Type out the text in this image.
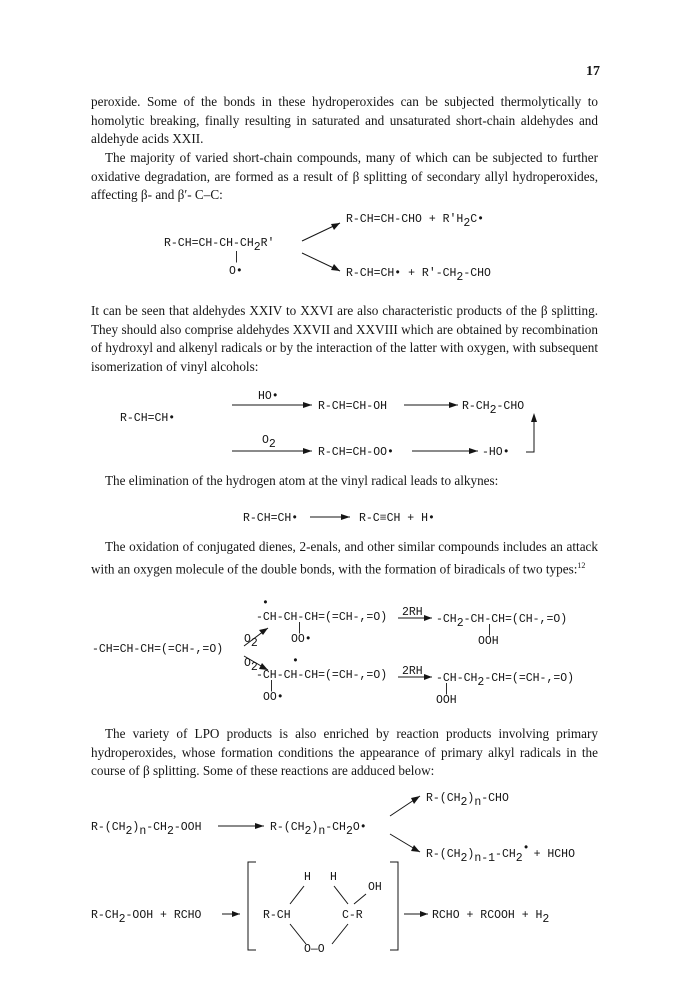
17

peroxide. Some of the bonds in these hydroperoxides can be subjected thermolytically to homolytic breaking, finally resulting in saturated and unsaturated short-chain aldehydes and aldehyde acids XXII.

The majority of varied short-chain compounds, many of which can be subjected to further oxidative degradation, are formed as a result of β splitting of secondary allyl hydroperoxides, affecting β- and β′- C–C:

R-CH=CH-CH-CH2R'
|
O•
R-CH=CH-CHO + R'H2C•
R-CH=CH• + R'-CH2-CHO

It can be seen that aldehydes XXIV to XXVI are also characteristic products of the β splitting. They should also comprise aldehydes XXVII and XXVIII which are obtained by recombination of hydroxyl and alkenyl radicals or by the interaction of the latter with oxygen, with subsequent isomerization of vinyl alcohols:

R-CH=CH•
HO•
R-CH=CH-OH	R-CH2-CHO
O2
R-CH=CH-OO•	-HO•

The elimination of the hydrogen atom at the vinyl radical leads to alkynes:

R-CH=CH•	R-C≡CH + H•

The oxidation of conjugated dienes, 2-enals, and other similar compounds includes an attack with an oxygen molecule of the double bonds, with the formation of biradicals of two types:$^{12}$

•
-CH-CH-CH=(=CH-,=O)
|
OO•
2RH
-CH2-CH-CH=(CH-,=O)
|
OOH
-CH=CH-CH=(=CH-,=O)
O2
O2	•
-CH-CH-CH=(=CH-,=O)
|
OO•
2RH
-CH-CH2-CH=(=CH-,=O)
|
OOH

The variety of LPO products is also enriched by reaction products involving primary hydroperoxides, whose formation conditions the appearance of primary alkyl radicals in the course of β splitting. Some of these reactions are adduced below:

R-(CH2)n-CH2-OOH	R-(CH2)n-CH2O•
R-(CH2)n-CHO
R-(CH2)n-1-CH2• + HCHO
R-CH2-OOH + RCHO
H H
OH
R-CH	C-R
O—O
RCHO + RCOOH + H2
